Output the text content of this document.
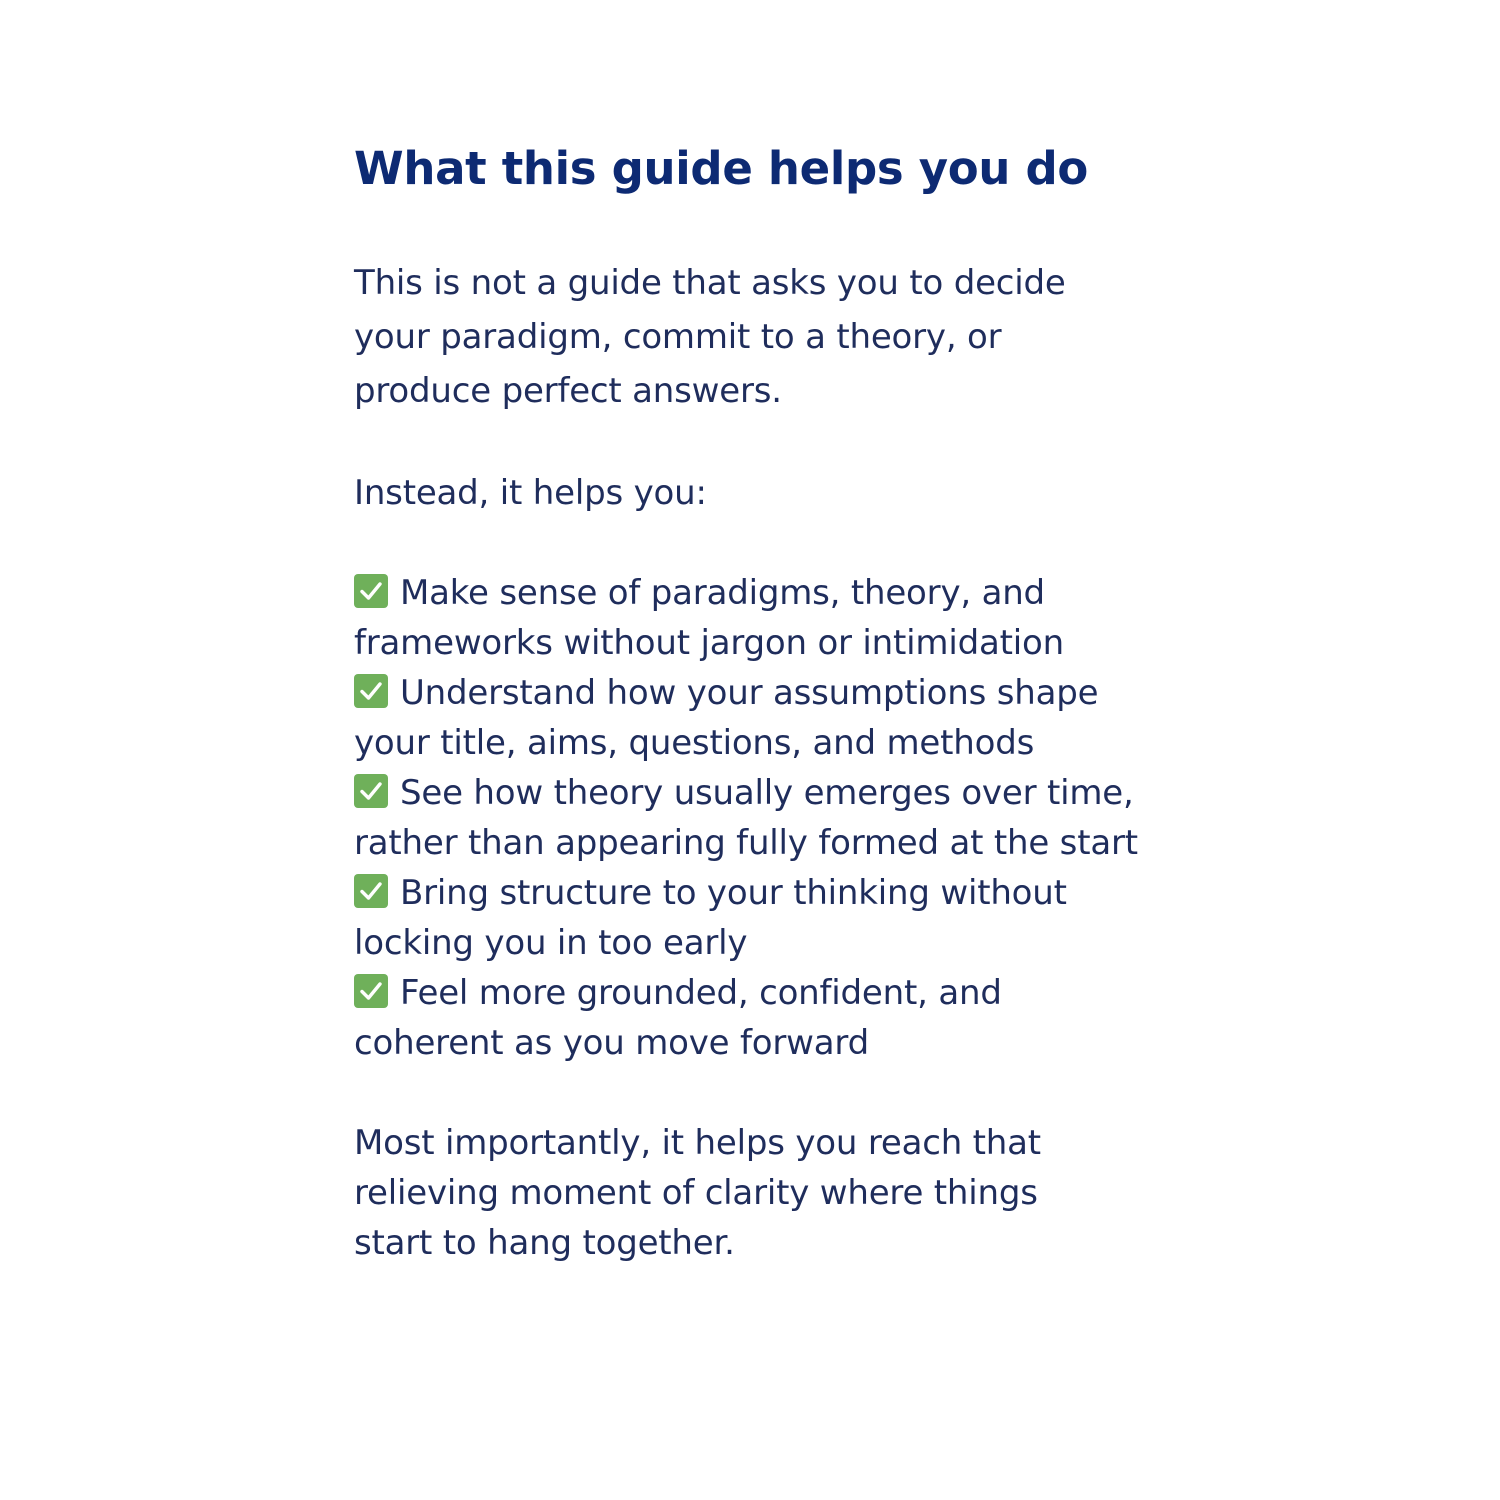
What this guide helps you do

This is not a guide that asks you to decide your paradigm, commit to a theory, or produce perfect answers.

Instead, it helps you:

Make sense of paradigms, theory, and frameworks without jargon or intimidation
Understand how your assumptions shape your title, aims, questions, and methods
See how theory usually emerges over time, rather than appearing fully formed at the start
Bring structure to your thinking without locking you in too early
Feel more grounded, confident, and coherent as you move forward

Most importantly, it helps you reach that relieving moment of clarity where things start to hang together.
